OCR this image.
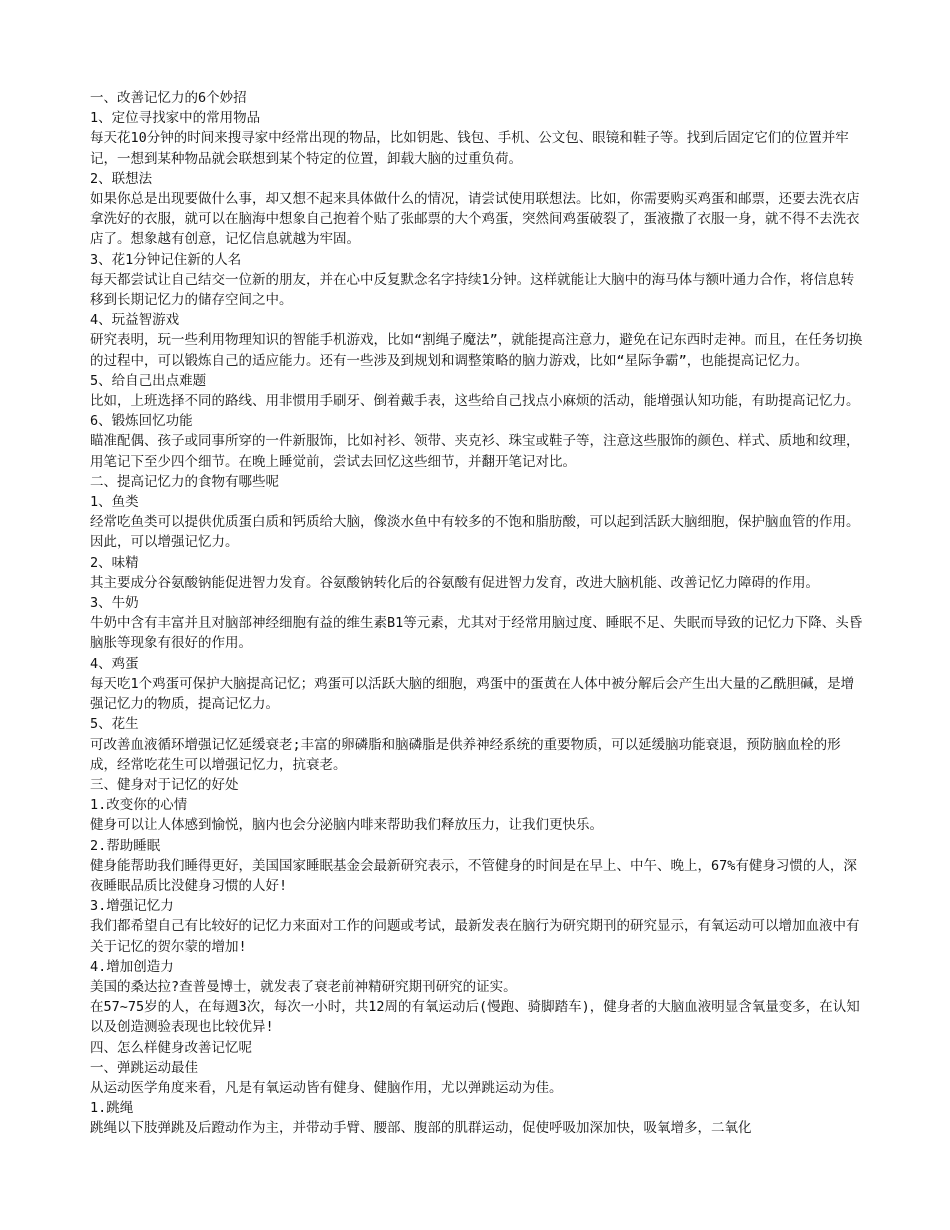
一、改善记忆力的6个妙招

1、定位寻找家中的常用物品

每天花10分钟的时间来搜寻家中经常出现的物品，比如钥匙、钱包、手机、公文包、眼镜和鞋子等。找到后固定它们的位置并牢记，一想到某种物品就会联想到某个特定的位置，卸载大脑的过重负荷。

2、联想法

如果你总是出现要做什么事，却又想不起来具体做什么的情况，请尝试使用联想法。比如，你需要购买鸡蛋和邮票，还要去洗衣店拿洗好的衣服，就可以在脑海中想象自己抱着个贴了张邮票的大个鸡蛋，突然间鸡蛋破裂了，蛋液撒了衣服一身，就不得不去洗衣店了。想象越有创意，记忆信息就越为牢固。

3、花1分钟记住新的人名

每天都尝试让自己结交一位新的朋友，并在心中反复默念名字持续1分钟。这样就能让大脑中的海马体与额叶通力合作，将信息转移到长期记忆力的储存空间之中。

4、玩益智游戏

研究表明，玩一些利用物理知识的智能手机游戏，比如“割绳子魔法”，就能提高注意力，避免在记东西时走神。而且，在任务切换的过程中，可以锻炼自己的适应能力。还有一些涉及到规划和调整策略的脑力游戏，比如“星际争霸”，也能提高记忆力。

5、给自己出点难题

比如，上班选择不同的路线、用非惯用手刷牙、倒着戴手表，这些给自己找点小麻烦的活动，能增强认知功能，有助提高记忆力。

6、锻炼回忆功能

瞄准配偶、孩子或同事所穿的一件新服饰，比如衬衫、领带、夹克衫、珠宝或鞋子等，注意这些服饰的颜色、样式、质地和纹理，用笔记下至少四个细节。在晚上睡觉前，尝试去回忆这些细节，并翻开笔记对比。

二、提高记忆力的食物有哪些呢

1、鱼类

经常吃鱼类可以提供优质蛋白质和钙质给大脑，像淡水鱼中有较多的不饱和脂肪酸，可以起到活跃大脑细胞，保护脑血管的作用。因此，可以增强记忆力。

2、味精

其主要成分谷氨酸钠能促进智力发育。谷氨酸钠转化后的谷氨酸有促进智力发育，改进大脑机能、改善记忆力障碍的作用。

3、牛奶

牛奶中含有丰富并且对脑部神经细胞有益的维生素B1等元素，尤其对于经常用脑过度、睡眠不足、失眠而导致的记忆力下降、头昏脑胀等现象有很好的作用。

4、鸡蛋

每天吃1个鸡蛋可保护大脑提高记忆；鸡蛋可以活跃大脑的细胞，鸡蛋中的蛋黄在人体中被分解后会产生出大量的乙酰胆碱，是增强记忆力的物质，提高记忆力。

5、花生

可改善血液循环增强记忆延缓衰老;丰富的卵磷脂和脑磷脂是供养神经系统的重要物质，可以延缓脑功能衰退，预防脑血栓的形成，经常吃花生可以增强记忆力，抗衰老。

三、健身对于记忆的好处

1.改变你的心情

健身可以让人体感到愉悦，脑内也会分泌脑内啡来帮助我们释放压力，让我们更快乐。

2.帮助睡眠

健身能帮助我们睡得更好，美国国家睡眠基金会最新研究表示，不管健身的时间是在早上、中午、晚上，67%有健身习惯的人，深夜睡眠品质比没健身习惯的人好!

3.增强记忆力

我们都希望自己有比较好的记忆力来面对工作的问题或考试，最新发表在脑行为研究期刊的研究显示，有氧运动可以增加血液中有关于记忆的贺尔蒙的增加!

4.增加创造力

美国的桑达拉?查普曼博士，就发表了衰老前神精研究期刊研究的证实。

在57~75岁的人，在每週3次，每次一小时，共12周的有氧运动后(慢跑、骑脚踏车)，健身者的大脑血液明显含氧量变多，在认知以及创造测验表现也比较优异!

四、怎么样健身改善记忆呢

一、弹跳运动最佳

从运动医学角度来看，凡是有氧运动皆有健身、健脑作用，尤以弹跳运动为佳。

1.跳绳

跳绳以下肢弹跳及后蹬动作为主，并带动手臂、腰部、腹部的肌群运动，促使呼吸加深加快，吸氧增多，二氧化
